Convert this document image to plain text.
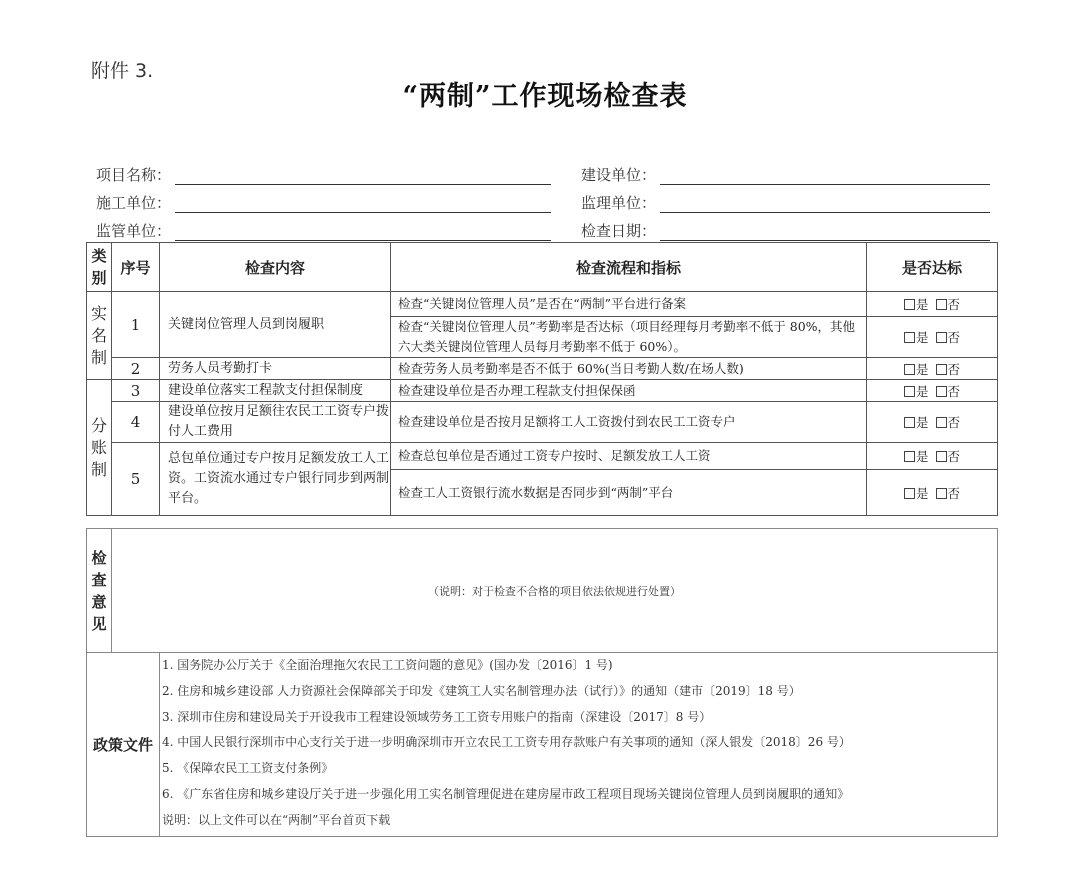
附件 3.
“两制”工作现场检查表
项目名称：	建设单位：
施工单位：	监理单位：
监管单位：	检查日期：
类
别	序号	检查内容	检查流程和指标	是否达标

实
名
制	1	关键岗位管理人员到岗履职	检查“关键岗位管理人员”是否在“两制”平台进行备案	是 否
			检查“关键岗位管理人员”考勤率是否达标（项目经理每月考勤率不低于 80%，其他六大类关键岗位管理人员每月考勤率不低于 60%）。	是 否
	2	劳务人员考勤打卡	检查劳务人员考勤率是否不低于 60%(当日考勤人数/在场人数)	是 否

分
账
制	3	建设单位落实工程款支付担保制度	检查建设单位是否办理工程款支付担保保函	是 否
	4	建设单位按月足额往农民工工资专户拨付人工费用	检查建设单位是否按月足额将工人工资拨付到农民工工资专户	是 否
	5	总包单位通过专户按月足额发放工人工资。工资流水通过专户银行同步到两制平台。	检查总包单位是否通过工资专户按时、足额发放工人工资	是 否
			检查工人工资银行流水数据是否同步到“两制”平台	是 否
检
查
意
见	（说明：对于检查不合格的项目依法依规进行处置）	
政策文件	
1. 国务院办公厅关于《全面治理拖欠农民工工资问题的意见》(国办发〔2016〕1 号)
2. 住房和城乡建设部 人力资源社会保障部关于印发《建筑工人实名制管理办法（试行）》的通知（建市〔2019〕18 号）
3. 深圳市住房和建设局关于开设我市工程建设领域劳务工工资专用账户的指南（深建设〔2017〕8 号）
4. 中国人民银行深圳市中心支行关于进一步明确深圳市开立农民工工资专用存款账户有关事项的通知（深人银发〔2018〕26 号）
5. 《保障农民工工资支付条例》
6. 《广东省住房和城乡建设厅关于进一步强化用工实名制管理促进在建房屋市政工程项目现场关键岗位管理人员到岗履职的通知》
说明：以上文件可以在“两制”平台首页下载
